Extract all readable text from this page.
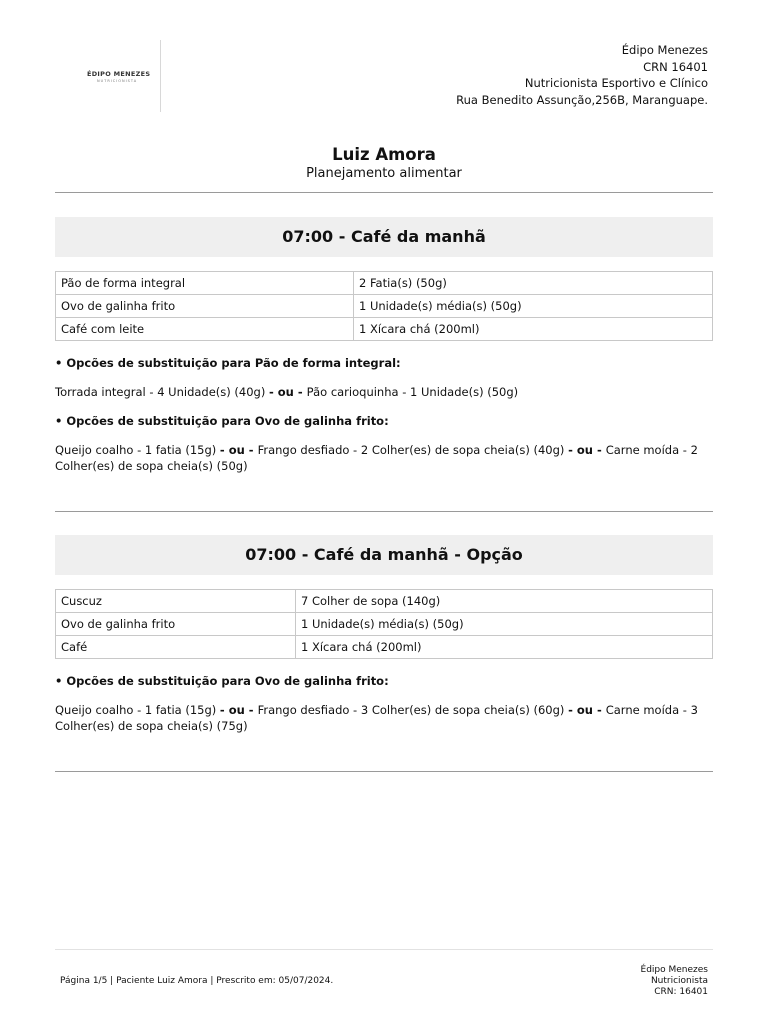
ÉDIPO MENEZES
NUTRICIONISTA
Édipo Menezes
CRN 16401
Nutricionista Esportivo e Clínico
Rua Benedito Assunção,256B, Maranguape.
Luiz Amora
Planejamento alimentar
07:00 - Café da manhã
Pão de forma integral	2 Fatia(s) (50g)
Ovo de galinha frito	1 Unidade(s) média(s) (50g)
Café com leite	1 Xícara chá (200ml)
• Opcões de substituição para Pão de forma integral:
Torrada integral - 4 Unidade(s) (40g) - ou - Pão carioquinha - 1 Unidade(s) (50g)
• Opcões de substituição para Ovo de galinha frito:
Queijo coalho - 1 fatia (15g) - ou - Frango desfiado - 2 Colher(es) de sopa cheia(s) (40g) - ou - Carne moída - 2 Colher(es) de sopa cheia(s) (50g)
07:00 - Café da manhã - Opção
Cuscuz	7 Colher de sopa (140g)
Ovo de galinha frito	1 Unidade(s) média(s) (50g)
Café	1 Xícara chá (200ml)
• Opcões de substituição para Ovo de galinha frito:
Queijo coalho - 1 fatia (15g) - ou - Frango desfiado - 3 Colher(es) de sopa cheia(s) (60g) - ou - Carne moída - 3 Colher(es) de sopa cheia(s) (75g)
Página 1/5 | Paciente Luiz Amora | Prescrito em: 05/07/2024.
Édipo Menezes
Nutricionista
CRN: 16401
